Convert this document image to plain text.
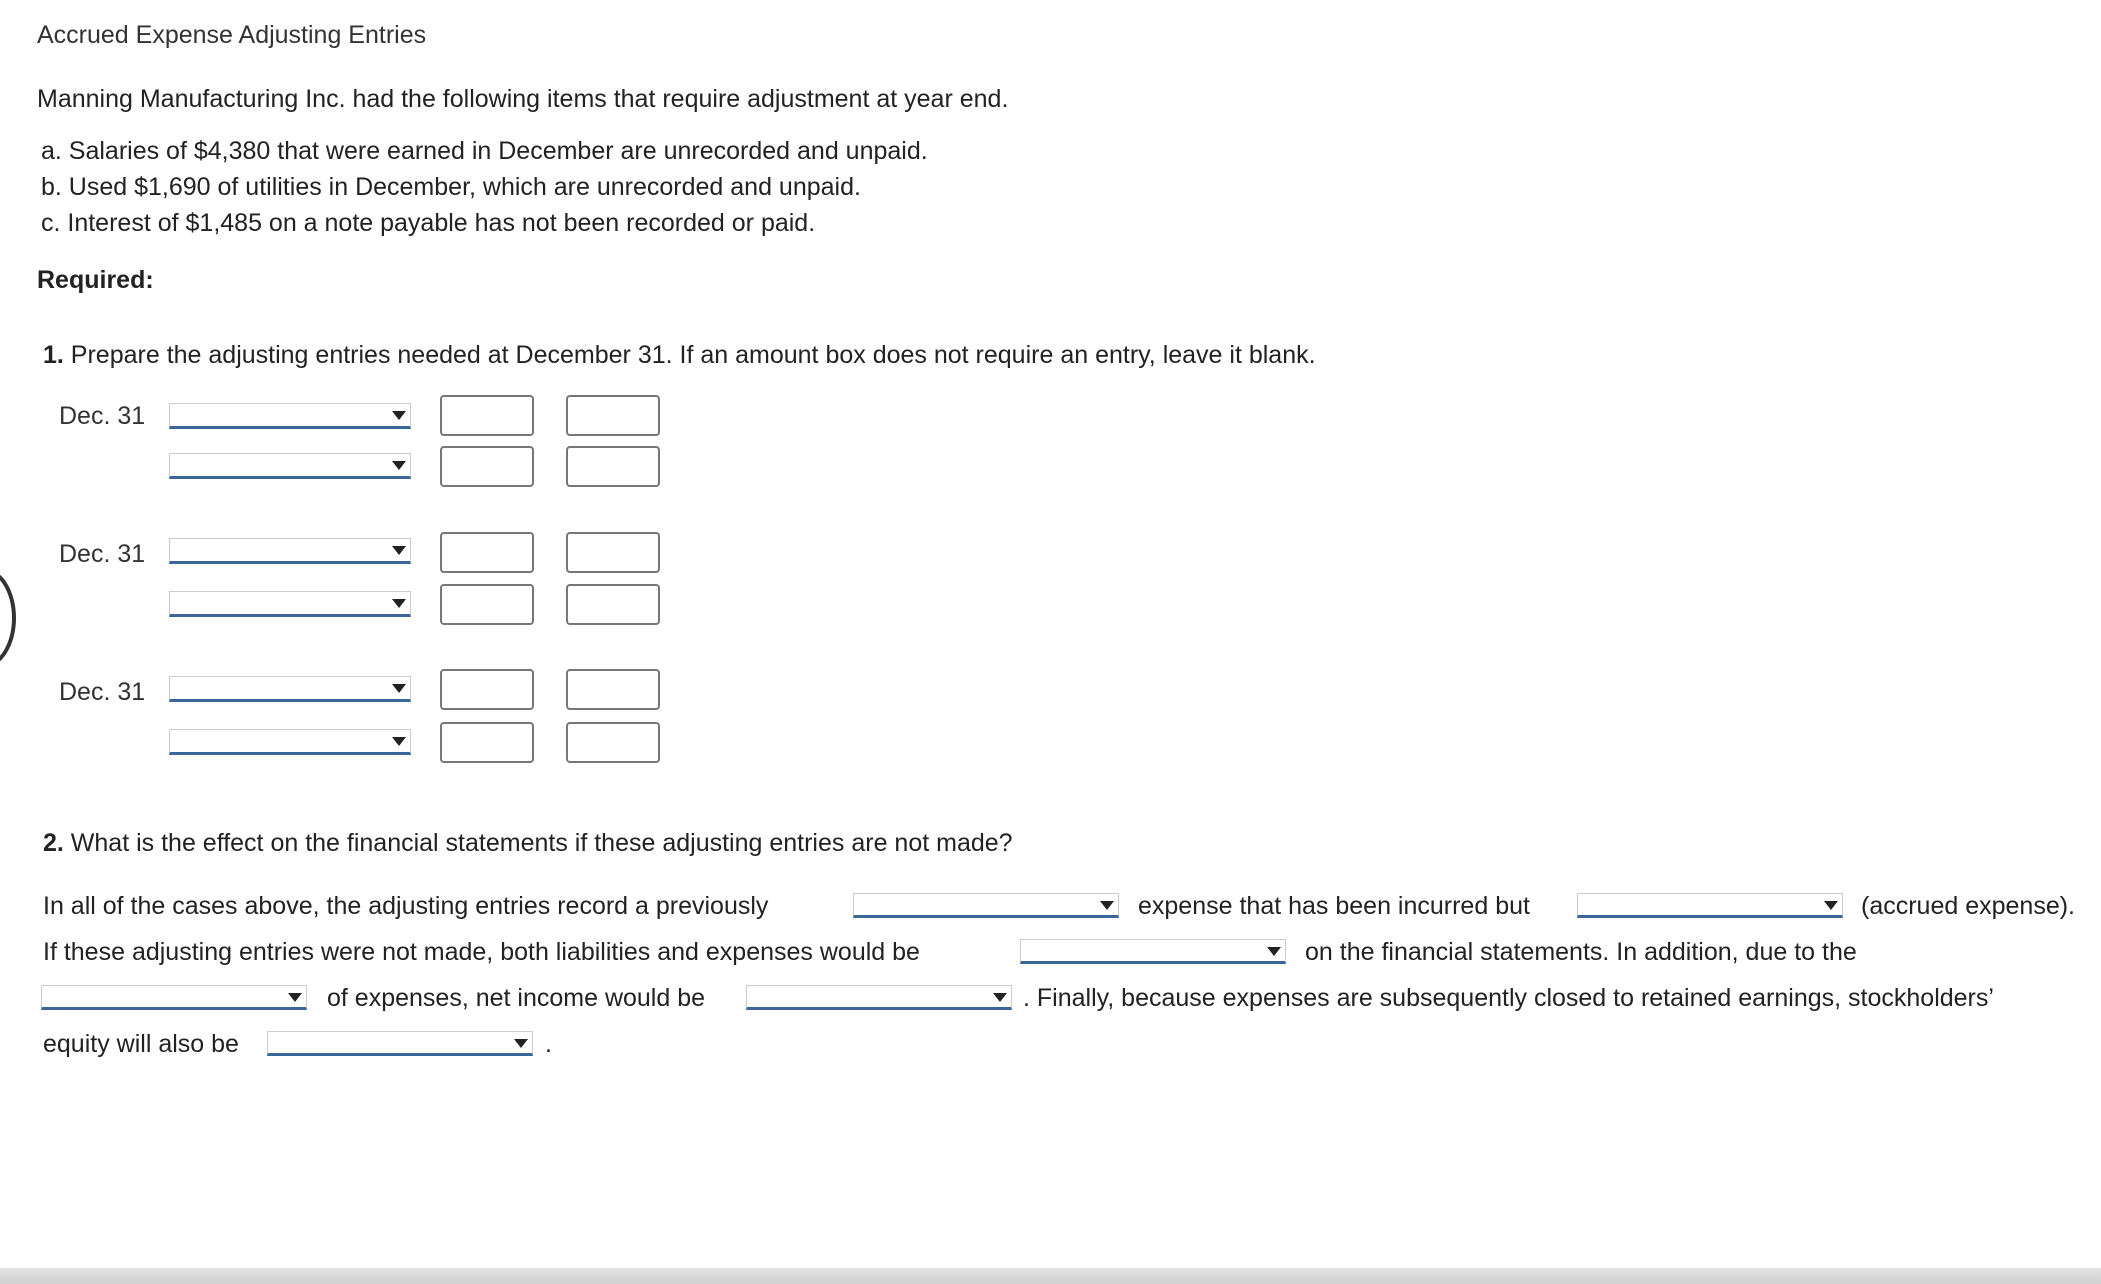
Accrued Expense Adjusting Entries
Manning Manufacturing Inc. had the following items that require adjustment at year end.
a. Salaries of $4,380 that were earned in December are unrecorded and unpaid.
b. Used $1,690 of utilities in December, which are unrecorded and unpaid.
c. Interest of $1,485 on a note payable has not been recorded or paid.
Required:
1. Prepare the adjusting entries needed at December 31. If an amount box does not require an entry, leave it blank.
Dec. 31
Dec. 31
Dec. 31
2. What is the effect on the financial statements if these adjusting entries are not made?
In all of the cases above, the adjusting entries record a previously	expense that has been incurred but	(accrued expense).
If these adjusting entries were not made, both liabilities and expenses would be	on the financial statements. In addition, due to the
of expenses, net income would be	. Finally, because expenses are subsequently closed to retained earnings, stockholders’
equity will also be	.
